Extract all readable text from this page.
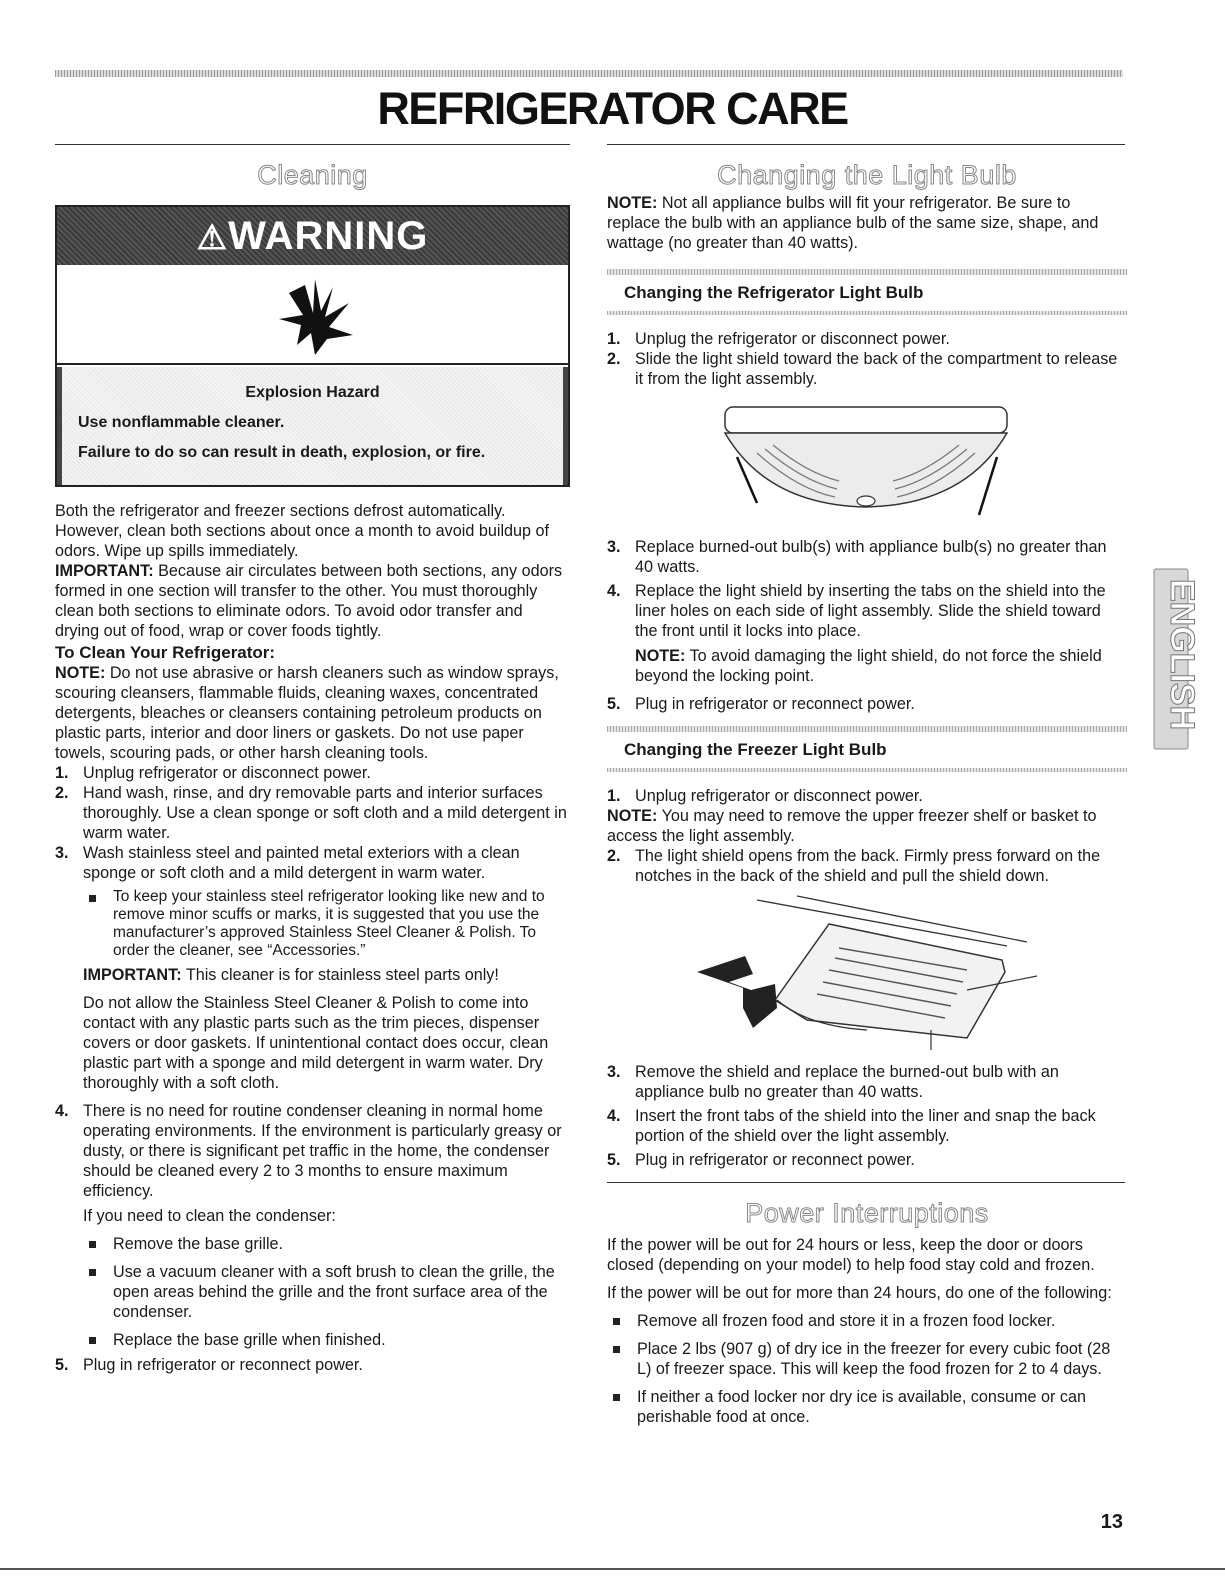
REFRIGERATOR CARE
Cleaning
⚠WARNING
Explosion Hazard
Use nonflammable cleaner.
Failure to do so can result in death, explosion, or fire.

Both the refrigerator and freezer sections defrost automatically. However, clean both sections about once a month to avoid buildup of odors. Wipe up spills immediately.

IMPORTANT: Because air circulates between both sections, any odors formed in one section will transfer to the other. You must thoroughly clean both sections to eliminate odors. To avoid odor transfer and drying out of food, wrap or cover foods tightly.

To Clean Your Refrigerator:

NOTE: Do not use abrasive or harsh cleaners such as window sprays, scouring cleansers, flammable fluids, cleaning waxes, concentrated detergents, bleaches or cleansers containing petroleum products on plastic parts, interior and door liners or gaskets. Do not use paper towels, scouring pads, or other harsh cleaning tools.

1. Unplug refrigerator or disconnect power.
2. Hand wash, rinse, and dry removable parts and interior surfaces thoroughly. Use a clean sponge or soft cloth and a mild detergent in warm water.
3. Wash stainless steel and painted metal exteriors with a clean sponge or soft cloth and a mild detergent in warm water.
To keep your stainless steel refrigerator looking like new and to remove minor scuffs or marks, it is suggested that you use the manufacturer’s approved Stainless Steel Cleaner & Polish. To order the cleaner, see “Accessories.”

IMPORTANT: This cleaner is for stainless steel parts only!

Do not allow the Stainless Steel Cleaner & Polish to come into contact with any plastic parts such as the trim pieces, dispenser covers or door gaskets. If unintentional contact does occur, clean plastic part with a sponge and mild detergent in warm water. Dry thoroughly with a soft cloth.

4. There is no need for routine condenser cleaning in normal home operating environments. If the environment is particularly greasy or dusty, or there is significant pet traffic in the home, the condenser should be cleaned every 2 to 3 months to ensure maximum efficiency.

If you need to clean the condenser:

Remove the base grille.
Use a vacuum cleaner with a soft brush to clean the grille, the open areas behind the grille and the front surface area of the condenser.
Replace the base grille when finished.
5. Plug in refrigerator or reconnect power.
Changing the Light Bulb

NOTE: Not all appliance bulbs will fit your refrigerator. Be sure to replace the bulb with an appliance bulb of the same size, shape, and wattage (no greater than 40 watts).

Changing the Refrigerator Light Bulb
1. Unplug the refrigerator or disconnect power.
2. Slide the light shield toward the back of the compartment to release it from the light assembly.
3. Replace burned-out bulb(s) with appliance bulb(s) no greater than 40 watts.
4. Replace the light shield by inserting the tabs on the shield into the liner holes on each side of light assembly. Slide the shield toward the front until it locks into place.

NOTE: To avoid damaging the light shield, do not force the shield beyond the locking point.

5. Plug in refrigerator or reconnect power.
Changing the Freezer Light Bulb
1. Unplug refrigerator or disconnect power.

NOTE: You may need to remove the upper freezer shelf or basket to access the light assembly.

2. The light shield opens from the back. Firmly press forward on the notches in the back of the shield and pull the shield down.
3. Remove the shield and replace the burned-out bulb with an appliance bulb no greater than 40 watts.
4. Insert the front tabs of the shield into the liner and snap the back portion of the shield over the light assembly.
5. Plug in refrigerator or reconnect power.
Power Interruptions

If the power will be out for 24 hours or less, keep the door or doors closed (depending on your model) to help food stay cold and frozen.

If the power will be out for more than 24 hours, do one of the following:

Remove all frozen food and store it in a frozen food locker.
Place 2 lbs (907 g) of dry ice in the freezer for every cubic foot (28 L) of freezer space. This will keep the food frozen for 2 to 4 days.
If neither a food locker nor dry ice is available, consume or can perishable food at once.
ENGLISH
13
